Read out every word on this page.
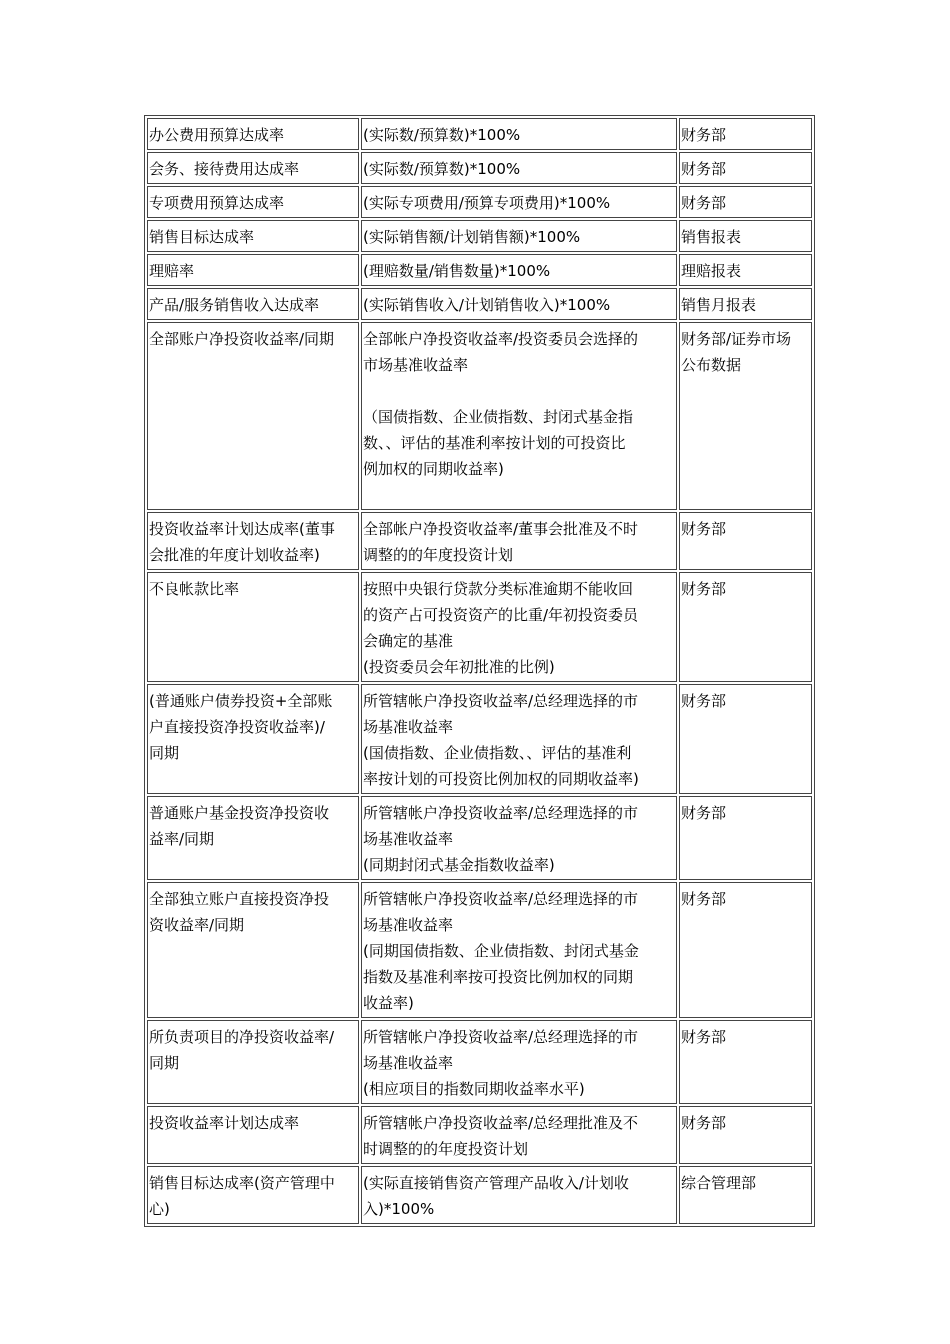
办公费用预算达成率	(实际数/预算数)*100%	财务部

会务、接待费用达成率	(实际数/预算数)*100%	财务部

专项费用预算达成率	(实际专项费用/预算专项费用)*100%	财务部

销售目标达成率	(实际销售额/计划销售额)*100%	销售报表

理赔率	(理赔数量/销售数量)*100%	理赔报表

产品/服务销售收入达成率	(实际销售收入/计划销售收入)*100%	销售月报表

全部账户净投资收益率/同期	全部帐户净投资收益率/投资委员会选择的
市场基准收益率
（国债指数、企业债指数、封闭式基金指
数、、评估的基准利率按计划的可投资比
例加权的同期收益率)	财务部/证券市场
公布数据

投资收益率计划达成率(董事
会批准的年度计划收益率)	全部帐户净投资收益率/董事会批准及不时
调整的的年度投资计划	财务部

不良帐款比率	按照中央银行贷款分类标准逾期不能收回
的资产占可投资资产的比重/年初投资委员
会确定的基准
(投资委员会年初批准的比例)	财务部

(普通账户债券投资+全部账
户直接投资净投资收益率)/
同期	所管辖帐户净投资收益率/总经理选择的市
场基准收益率
(国债指数、企业债指数、、评估的基准利
率按计划的可投资比例加权的同期收益率)	财务部

普通账户基金投资净投资收
益率/同期	所管辖帐户净投资收益率/总经理选择的市
场基准收益率
(同期封闭式基金指数收益率)	财务部

全部独立账户直接投资净投
资收益率/同期	所管辖帐户净投资收益率/总经理选择的市
场基准收益率
(同期国债指数、企业债指数、封闭式基金
指数及基准利率按可投资比例加权的同期
收益率)	财务部

所负责项目的净投资收益率/
同期	所管辖帐户净投资收益率/总经理选择的市
场基准收益率
(相应项目的指数同期收益率水平)	财务部

投资收益率计划达成率	所管辖帐户净投资收益率/总经理批准及不
时调整的的年度投资计划	财务部

销售目标达成率(资产管理中
心)	(实际直接销售资产管理产品收入/计划收
入)*100%	综合管理部
